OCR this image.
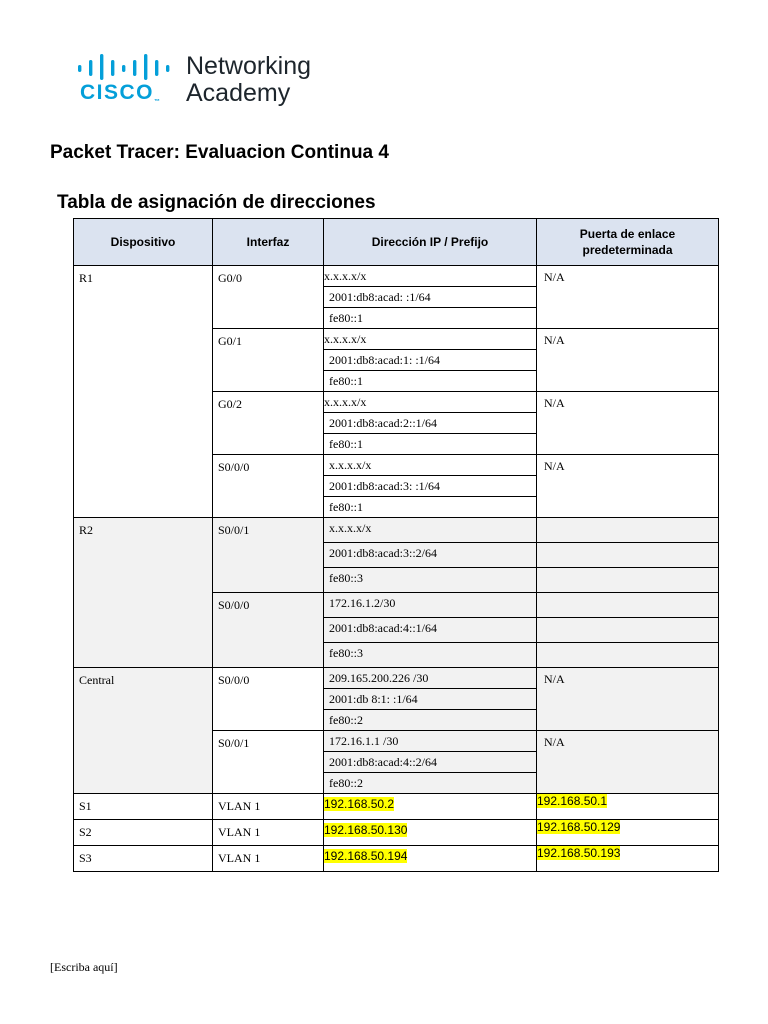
CISCO™
Networking
Academy
Packet Tracer: Evaluacion Continua 4
Tabla de asignación de direcciones
Dispositivo	Interfaz	Dirección IP / Prefijo	Puerta de enlace predeterminada
R1	G0/0	x.x.x.x/x	N/A
		2001:db8:acad: :1/64	
		fe80::1	
	G0/1	x.x.x.x/x	N/A
		2001:db8:acad:1: :1/64	
		fe80::1	
	G0/2	x.x.x.x/x	N/A
		2001:db8:acad:2::1/64	
		fe80::1	
	S0/0/0	x.x.x.x/x	N/A
		2001:db8:acad:3: :1/64	
		fe80::1	
R2	S0/0/1	x.x.x.x/x	
		2001:db8:acad:3::2/64	
		fe80::3	
	S0/0/0	172.16.1.2/30	
		2001:db8:acad:4::1/64	
		fe80::3	
Central	S0/0/0	209.165.200.226 /30	N/A
		2001:db 8:1: :1/64	
		fe80::2	
	S0/0/1	172.16.1.1 /30	N/A
		2001:db8:acad:4::2/64	
		fe80::2	
S1	VLAN 1	192.168.50.2	192.168.50.1
S2	VLAN 1	192.168.50.130	192.168.50.129
S3	VLAN 1	192.168.50.194	192.168.50.193
[Escriba aquí]
